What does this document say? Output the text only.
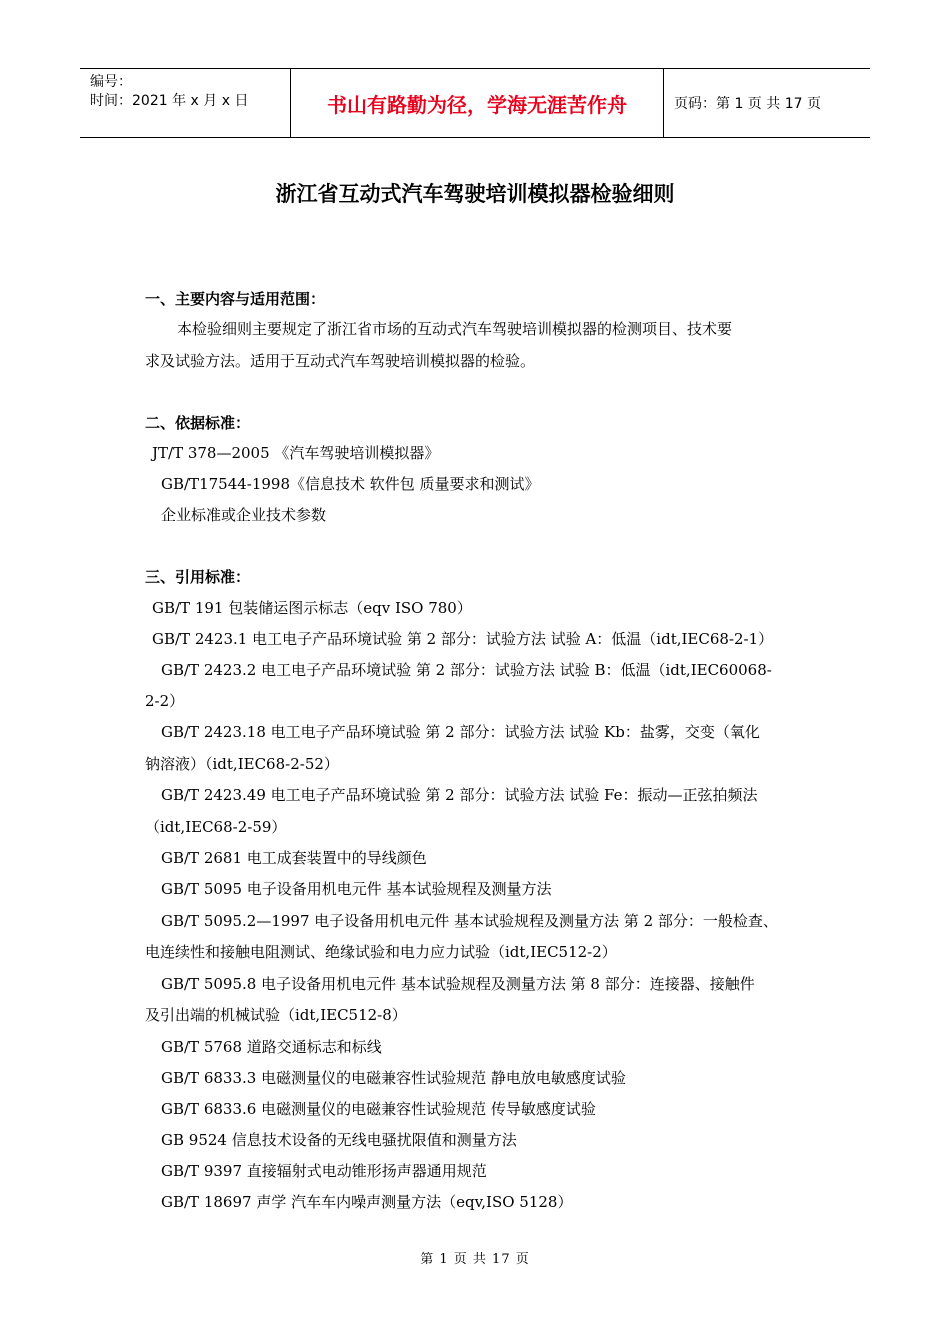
编号：
时间：2021 年 x 月 x 日	书山有路勤为径，学海无涯苦作舟	页码：第 1 页 共 17 页
浙江省互动式汽车驾驶培训模拟器检验细则
一、主要内容与适用范围：
本检验细则主要规定了浙江省市场的互动式汽车驾驶培训模拟器的检测项目、技术要
求及试验方法。适用于互动式汽车驾驶培训模拟器的检验。
二、依据标准：
JT/T 378—2005 《汽车驾驶培训模拟器》
GB/T17544-1998《信息技术 软件包 质量要求和测试》
企业标准或企业技术参数
三、引用标准：
GB/T 191 包装储运图示标志（eqv ISO 780）
GB/T 2423.1 电工电子产品环境试验 第 2 部分：试验方法 试验 A：低温（idt,IEC68-2-1）
GB/T 2423.2 电工电子产品环境试验 第 2 部分：试验方法 试验 B：低温（idt,IEC60068-
2-2）
GB/T 2423.18 电工电子产品环境试验 第 2 部分：试验方法 试验 Kb：盐雾，交变（氧化
钠溶液）（idt,IEC68-2-52）
GB/T 2423.49 电工电子产品环境试验 第 2 部分：试验方法 试验 Fe：振动—正弦拍频法
（idt,IEC68-2-59）
GB/T 2681 电工成套装置中的导线颜色
GB/T 5095 电子设备用机电元件 基本试验规程及测量方法
GB/T 5095.2—1997 电子设备用机电元件 基本试验规程及测量方法 第 2 部分：一般检查、
电连续性和接触电阻测试、绝缘试验和电力应力试验（idt,IEC512-2）
GB/T 5095.8 电子设备用机电元件 基本试验规程及测量方法 第 8 部分：连接器、接触件
及引出端的机械试验（idt,IEC512-8）
GB/T 5768 道路交通标志和标线
GB/T 6833.3 电磁测量仪的电磁兼容性试验规范 静电放电敏感度试验
GB/T 6833.6 电磁测量仪的电磁兼容性试验规范 传导敏感度试验
GB 9524 信息技术设备的无线电骚扰限值和测量方法
GB/T 9397 直接辐射式电动锥形扬声器通用规范
GB/T 18697 声学 汽车车内噪声测量方法（eqv,ISO 5128）
第 1 页 共 17 页
